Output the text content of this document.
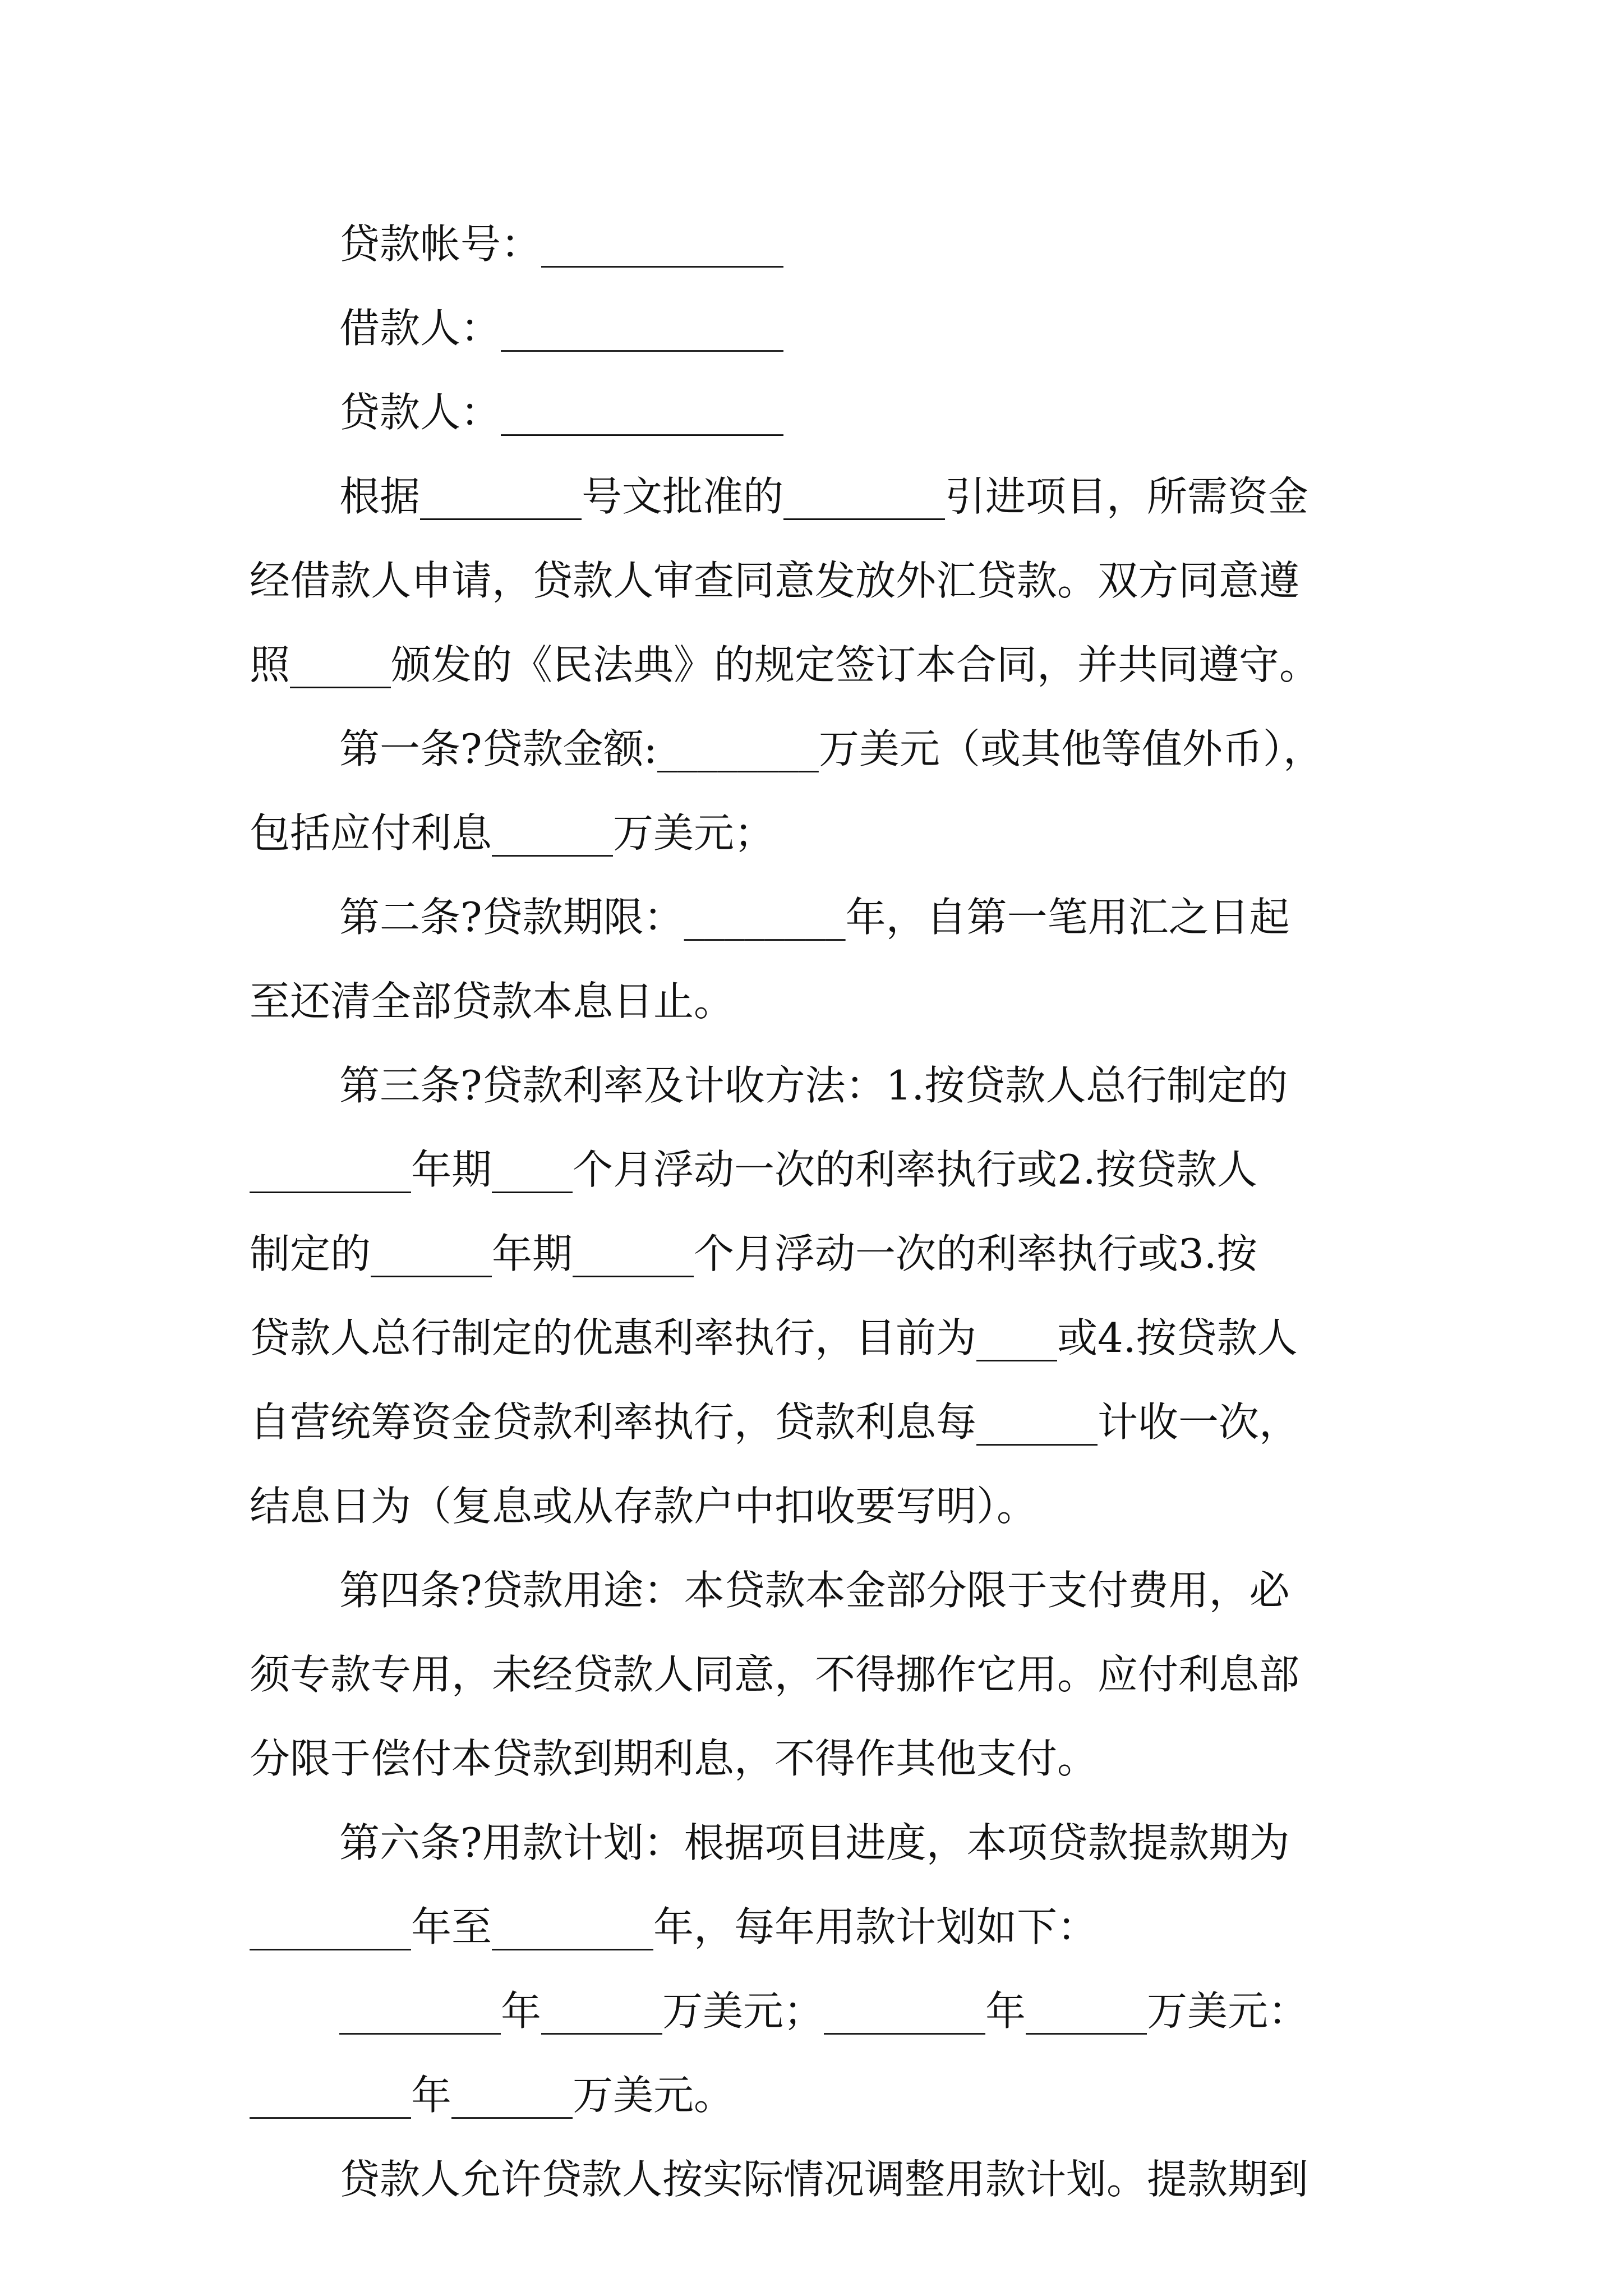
贷款帐号：____________
借款人：______________
贷款人：______________
根据________号文批准的________引进项目，所需资金
经借款人申请，贷款人审查同意发放外汇贷款。双方同意遵
照_____颁发的《民法典》的规定签订本合同，并共同遵守。
第一条?贷款金额:________万美元（或其他等值外币），
包括应付利息______万美元；
第二条?贷款期限：________年，自第一笔用汇之日起
至还清全部贷款本息日止。
第三条?贷款利率及计收方法：1.按贷款人总行制定的
________年期____个月浮动一次的利率执行或2.按贷款人
制定的______年期______个月浮动一次的利率执行或3.按
贷款人总行制定的优惠利率执行，目前为____或4.按贷款人
自营统筹资金贷款利率执行，贷款利息每______计收一次，
结息日为（复息或从存款户中扣收要写明）。
第四条?贷款用途：本贷款本金部分限于支付费用，必
须专款专用，未经贷款人同意，不得挪作它用。应付利息部
分限于偿付本贷款到期利息，不得作其他支付。
第六条?用款计划：根据项目进度，本项贷款提款期为
________年至________年，每年用款计划如下：
________年______万美元；________年______万美元：
________年______万美元。
贷款人允许贷款人按实际情况调整用款计划。提款期到
